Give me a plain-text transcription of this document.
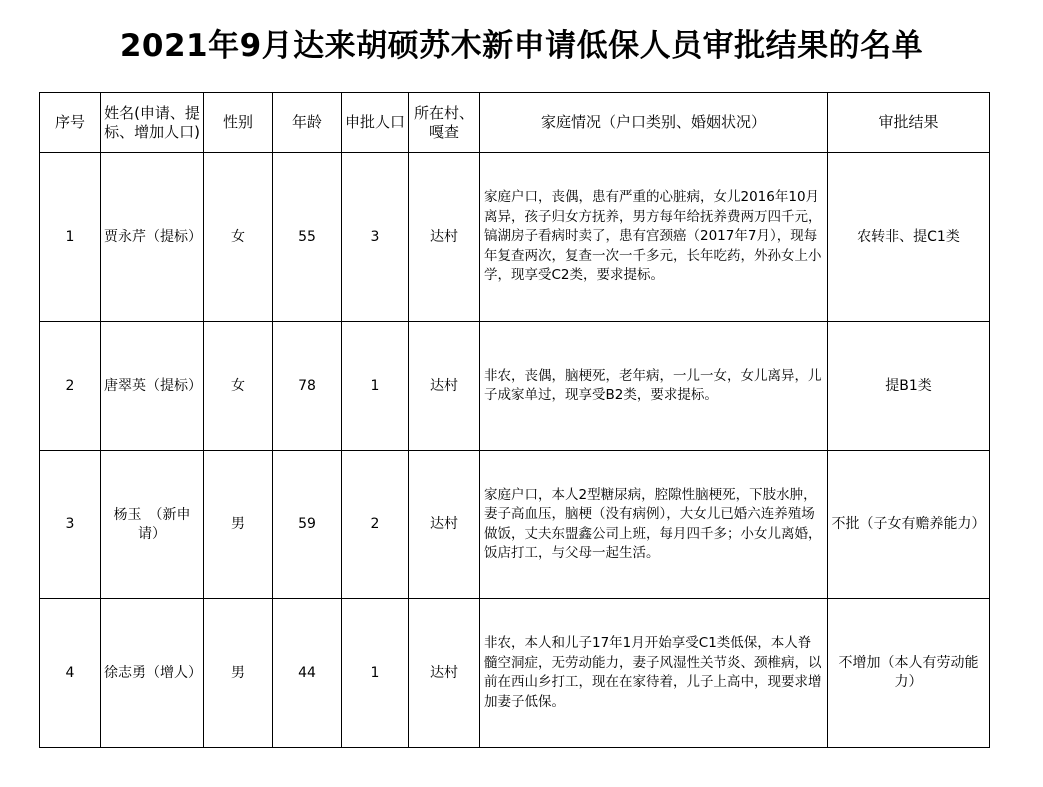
2021年9月达来胡硕苏木新申请低保人员审批结果的名单
序号	姓名(申请、提标、增加人口)	性别	年龄	申批人口	所在村、嘎查	家庭情况（户口类别、婚姻状况）	审批结果
1	贾永芹（提标）	女	55	3	达村	家庭户口，丧偶，患有严重的心脏病，女儿2016年10月离异，孩子归女方抚养，男方每年给抚养费两万四千元，镐湖房子看病时卖了，患有宫颈癌（2017年7月），现每年复查两次，复查一次一千多元，长年吃药，外孙女上小学，现享受C2类，要求提标。	农转非、提C1类
2	唐翠英（提标）	女	78	1	达村	非农，丧偶，脑梗死，老年病，一儿一女，女儿离异，儿子成家单过，现享受B2类，要求提标。	提B1类
3	杨玉　（新申请）	男	59	2	达村	家庭户口，本人2型糖尿病，腔隙性脑梗死，下肢水肿，妻子高血压，脑梗（没有病例），大女儿已婚六连养殖场做饭，丈夫东盟鑫公司上班，每月四千多；小女儿离婚，饭店打工，与父母一起生活。	不批（子女有赡养能力）
4	徐志勇（增人）	男	44	1	达村	非农，本人和儿子17年1月开始享受C1类低保，本人脊髓空洞症，无劳动能力，妻子风湿性关节炎、颈椎病，以前在西山乡打工，现在在家待着，儿子上高中，现要求增加妻子低保。	不增加（本人有劳动能力）
